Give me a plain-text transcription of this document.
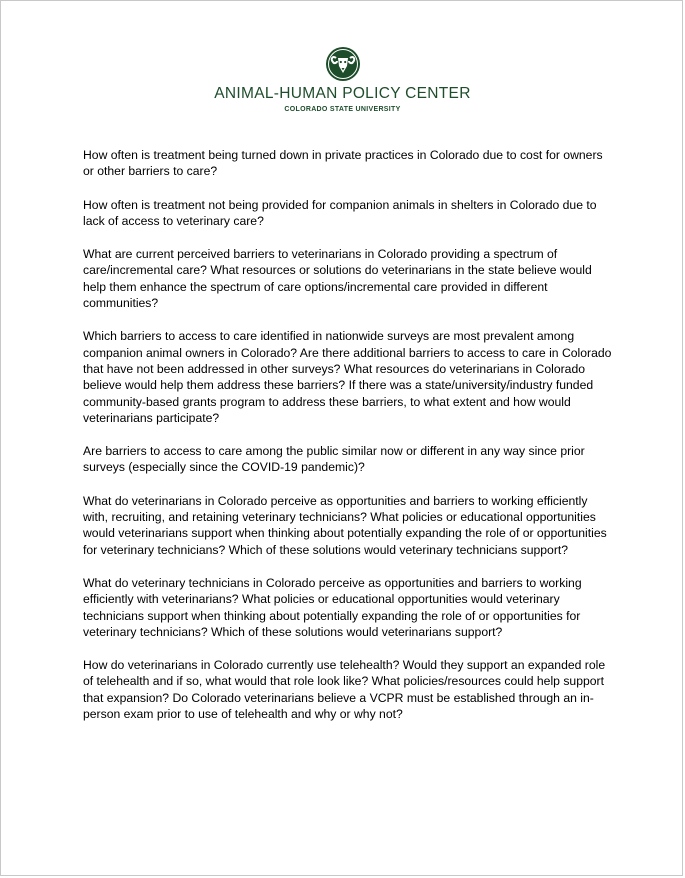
ANIMAL-HUMAN POLICY CENTER
COLORADO STATE UNIVERSITY

How often is treatment being turned down in private practices in Colorado due to cost for owners or other barriers to care?

How often is treatment not being provided for companion animals in shelters in Colorado due to lack of access to veterinary care?

What are current perceived barriers to veterinarians in Colorado providing a spectrum of care/incremental care? What resources or solutions do veterinarians in the state believe would help them enhance the spectrum of care options/incremental care provided in different communities?

Which barriers to access to care identified in nationwide surveys are most prevalent among companion animal owners in Colorado? Are there additional barriers to access to care in Colorado that have not been addressed in other surveys? What resources do veterinarians in Colorado believe would help them address these barriers? If there was a state/university/industry funded community-based grants program to address these barriers, to what extent and how would veterinarians participate?

Are barriers to access to care among the public similar now or different in any way since prior surveys (especially since the COVID-19 pandemic)?

What do veterinarians in Colorado perceive as opportunities and barriers to working efficiently with, recruiting, and retaining veterinary technicians? What policies or educational opportunities would veterinarians support when thinking about potentially expanding the role of or opportunities for veterinary technicians? Which of these solutions would veterinary technicians support?

What do veterinary technicians in Colorado perceive as opportunities and barriers to working efficiently with veterinarians? What policies or educational opportunities would veterinary technicians support when thinking about potentially expanding the role of or opportunities for veterinary technicians? Which of these solutions would veterinarians support?

How do veterinarians in Colorado currently use telehealth? Would they support an expanded role of telehealth and if so, what would that role look like? What policies/resources could help support that expansion? Do Colorado veterinarians believe a VCPR must be established through an in-person exam prior to use of telehealth and why or why not?
